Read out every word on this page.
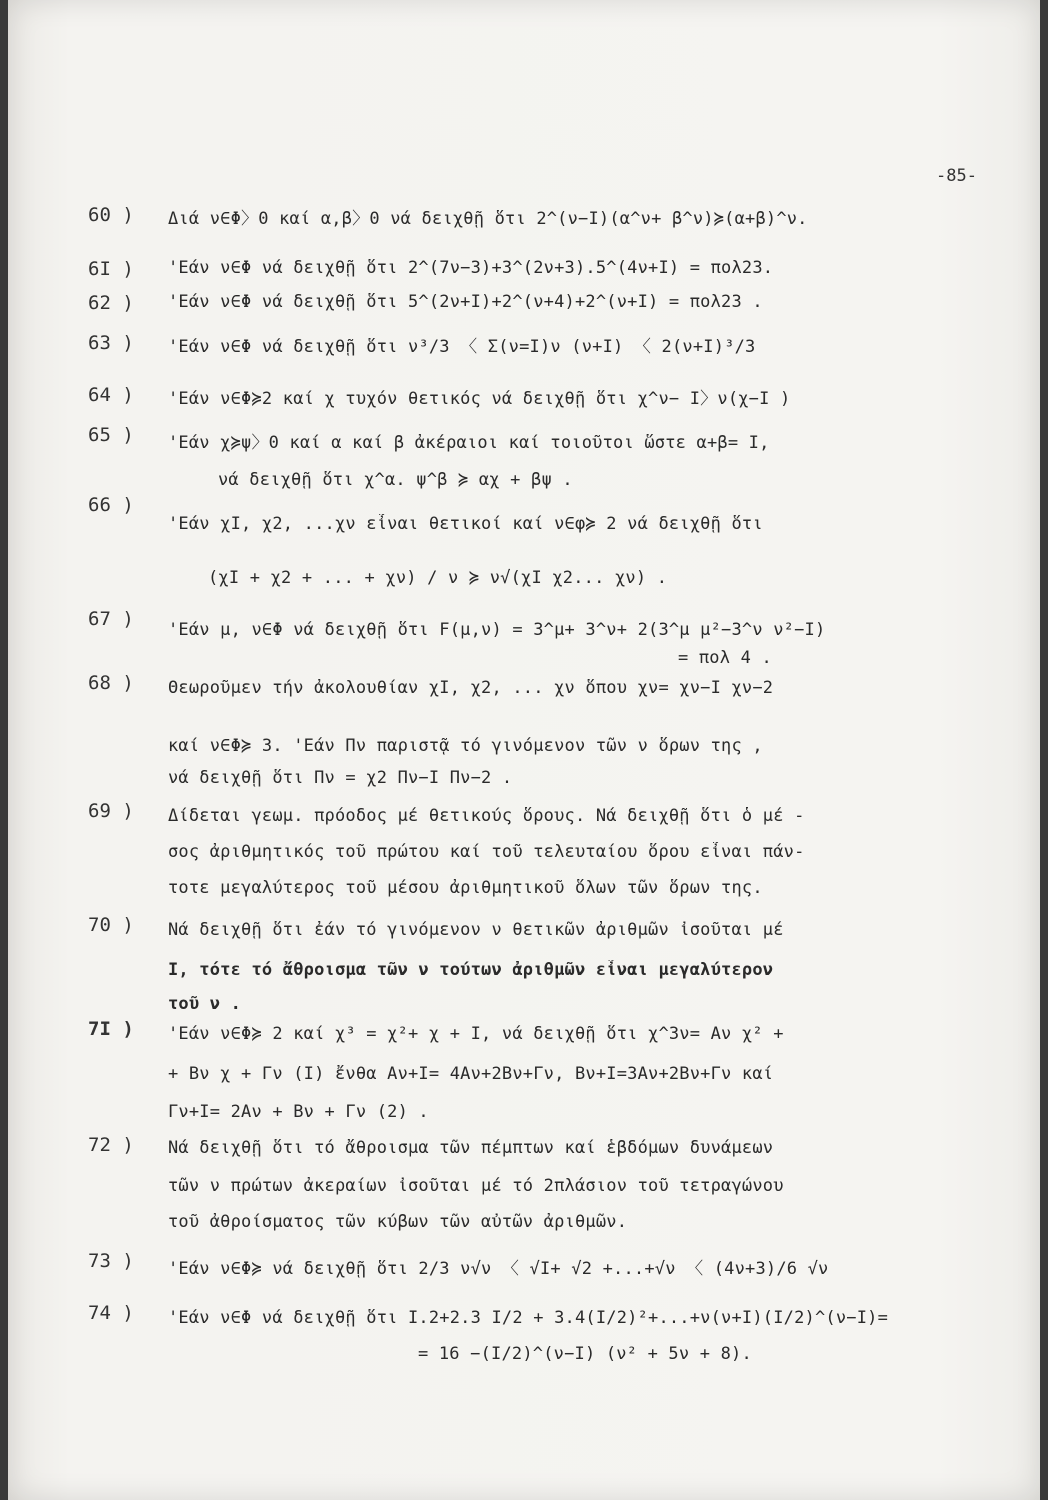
-85-
60 )	Διά ν∈Φ〉0 καί α,β〉0 νά δειχθῇ ὅτι 2^(ν−Ι)(α^ν+ β^ν)≽(α+β)^ν.
6Ι )	'Εάν ν∈Φ νά δειχθῇ ὅτι 2^(7ν−3)+3^(2ν+3).5^(4ν+Ι) = πολ23.
62 )	'Εάν ν∈Φ νά δειχθῇ ὅτι 5^(2ν+Ι)+2^(ν+4)+2^(ν+Ι) = πολ23 .
63 )	'Εάν ν∈Φ νά δειχθῇ ὅτι ν³/3 〈 Σ(ν=Ι)ν (ν+Ι) 〈 2(ν+Ι)³/3
64 )	'Εάν ν∈Φ≽2 καί χ τυχόν θετικός νά δειχθῇ ὅτι χ^ν− Ι〉ν(χ−Ι )
65 )	'Εάν χ≽ψ〉0 καί α καί β ἀκέραιοι καί τοιοῦτοι ὥστε α+β= Ι,
νά δειχθῇ ὅτι χ^α. ψ^β ≽ αχ + βψ .
66 )
'Εάν χΙ, χ2, ...χν εἶναι θετικοί καί ν∈φ≽ 2 νά δειχθῇ ὅτι
(χΙ + χ2 + ... + χν) / ν ≽ ν√(χΙ χ2... χν) .
67 )	'Εάν μ, ν∈Φ νά δειχθῇ ὅτι F(μ,ν) = 3^μ+ 3^ν+ 2(3^μ μ²−3^ν ν²−Ι)
= πολ 4 .
68 )	Θεωροῦμεν τήν ἀκολουθίαν χΙ, χ2, ... χν ὅπου χν= χν−Ι χν−2
καί ν∈Φ≽ 3. 'Εάν Πν παριστᾷ τό γινόμενον τῶν ν ὅρων της ,
νά δειχθῇ ὅτι Πν = χ2 Πν−Ι Πν−2 .
69 )	Δίδεται γεωμ. πρόοδος μέ θετικούς ὅρους. Νά δειχθῇ ὅτι ὁ μέ -
σος ἀριθμητικός τοῦ πρώτου καί τοῦ τελευταίου ὅρου εἶναι πάν-
τοτε μεγαλύτερος τοῦ μέσου ἀριθμητικοῦ ὅλων τῶν ὅρων της.
70 )	Νά δειχθῇ ὅτι ἐάν τό γινόμενον ν θετικῶν ἀριθμῶν ἰσοῦται μέ
Ι, τότε τό ἄθροισμα τῶν ν τούτων ἀριθμῶν εἶναι μεγαλύτερον
τοῦ ν .
7Ι )	'Εάν ν∈Φ≽ 2 καί χ³ = χ²+ χ + Ι, νά δειχθῇ ὅτι χ^3ν= Aν χ² +
+ Bν χ + Γν (Ι) ἔνθα Aν+Ι= 4Aν+2Bν+Γν, Bν+Ι=3Aν+2Bν+Γν καί
Γν+Ι= 2Aν + Bν + Γν (2) .
72 )	Νά δειχθῇ ὅτι τό ἄθροισμα τῶν πέμπτων καί ἑβδόμων δυνάμεων
τῶν ν πρώτων ἀκεραίων ἰσοῦται μέ τό 2πλάσιον τοῦ τετραγώνου
τοῦ ἀθροίσματος τῶν κύβων τῶν αὐτῶν ἀριθμῶν.
73 )	'Εάν ν∈Φ≽ νά δειχθῇ ὅτι 2/3 ν√ν 〈 √Ι+ √2 +...+√ν 〈 (4ν+3)/6 √ν
74 )	'Εάν ν∈Φ νά δειχθῇ ὅτι Ι.2+2.3 Ι/2 + 3.4(Ι/2)²+...+ν(ν+Ι)(Ι/2)^(ν−Ι)=
= 16 −(Ι/2)^(ν−Ι) (ν² + 5ν + 8).
